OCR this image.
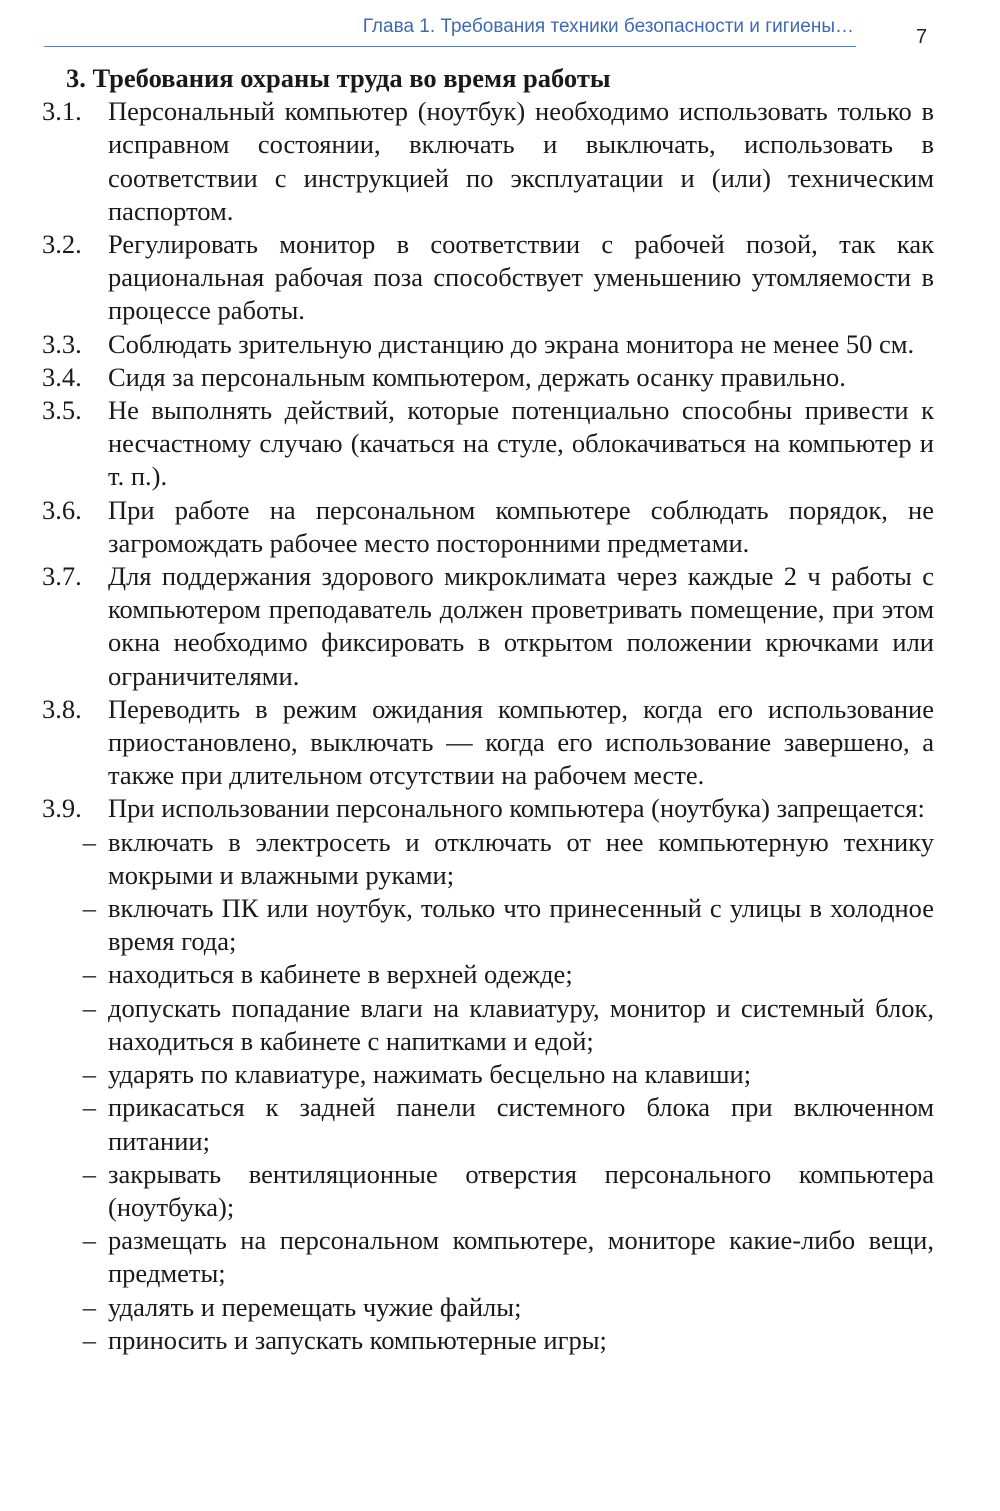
Глава 1. Требования техники безопасности и гигиены…	7
3. Требования охраны труда во время работы
3.1. Персональный компьютер (ноутбук) необходимо использовать только в исправном состоянии, включать и выключать, использовать в соответствии с инструкцией по эксплуатации и (или) техническим паспортом.
3.2. Регулировать монитор в соответствии с рабочей позой, так как рациональная рабочая поза способствует уменьшению утомляемости в процессе работы.
3.3. Соблюдать зрительную дистанцию до экрана монитора не менее 50 см.
3.4. Сидя за персональным компьютером, держать осанку правильно.
3.5. Не выполнять действий, которые потенциально способны привести к несчастному случаю (качаться на стуле, облокачиваться на компьютер и т. п.).
3.6. При работе на персональном компьютере соблюдать порядок, не загромождать рабочее место посторонними предметами.
3.7. Для поддержания здорового микроклимата через каждые 2 ч работы с компьютером преподаватель должен проветривать помещение, при этом окна необходимо фиксировать в открытом положении крючками или ограничителями.
3.8. Переводить в режим ожидания компьютер, когда его использование приостановлено, выключать — когда его использование завершено, а также при длительном отсутствии на рабочем месте.
3.9. При использовании персонального компьютера (ноутбука) запрещается:
– включать в электросеть и отключать от нее компьютерную технику мокрыми и влажными руками;
– включать ПК или ноутбук, только что принесенный с улицы в холодное время года;
– находиться в кабинете в верхней одежде;
– допускать попадание влаги на клавиатуру, монитор и системный блок, находиться в кабинете с напитками и едой;
– ударять по клавиатуре, нажимать бесцельно на клавиши;
– прикасаться к задней панели системного блока при включенном питании;
– закрывать вентиляционные отверстия персонального компьютера (ноутбука);
– размещать на персональном компьютере, мониторе какие-либо вещи, предметы;
– удалять и перемещать чужие файлы;
– приносить и запускать компьютерные игры;
